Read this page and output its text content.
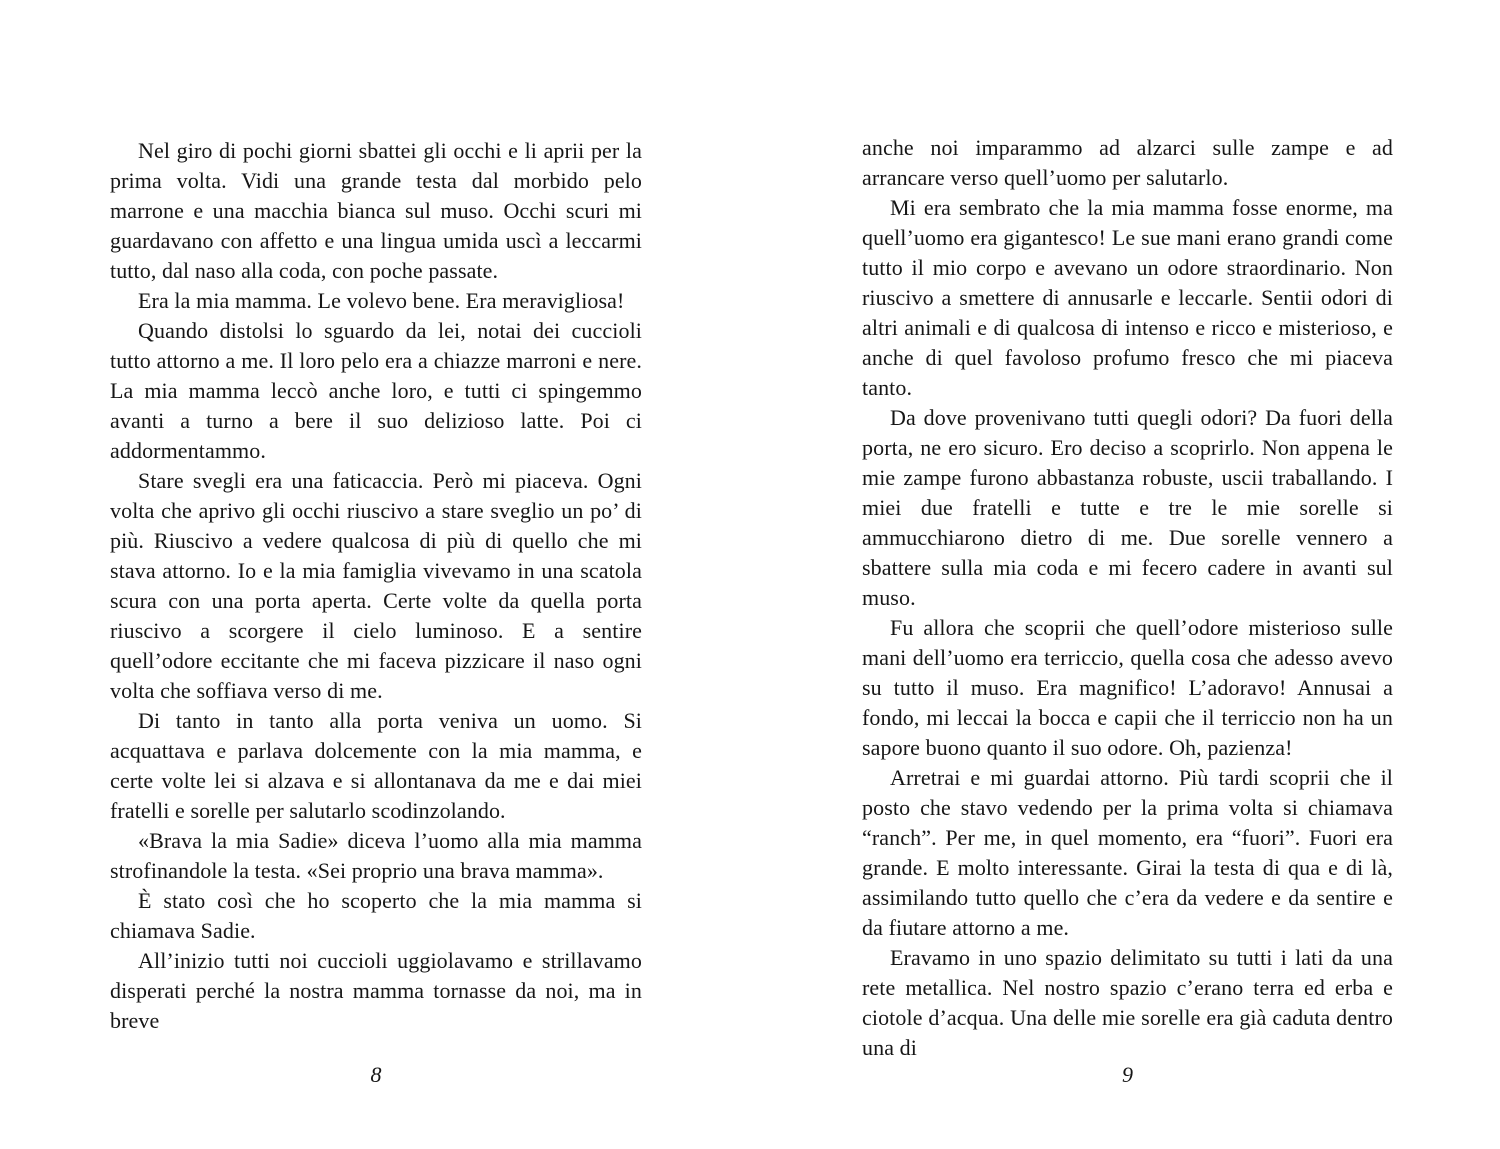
Nel giro di pochi giorni sbattei gli occhi e li aprii per la prima volta. Vidi una grande testa dal morbido pelo marrone e una macchia bianca sul muso. Occhi scuri mi guardavano con affetto e una lingua umida uscì a leccarmi tutto, dal naso alla coda, con poche passate.

Era la mia mamma. Le volevo bene. Era meravigliosa!

Quando distolsi lo sguardo da lei, notai dei cuccioli tutto attorno a me. Il loro pelo era a chiazze marroni e nere. La mia mamma leccò anche loro, e tutti ci spingemmo avanti a turno a bere il suo delizioso latte. Poi ci addormentammo.

Stare svegli era una faticaccia. Però mi piaceva. Ogni volta che aprivo gli occhi riuscivo a stare sveglio un po’ di più. Riuscivo a vedere qualcosa di più di quello che mi stava attorno. Io e la mia famiglia vivevamo in una scatola scura con una porta aperta. Certe volte da quella porta riuscivo a scorgere il cielo luminoso. E a sentire quell’odore eccitante che mi faceva pizzicare il naso ogni volta che soffiava verso di me.

Di tanto in tanto alla porta veniva un uomo. Si acquattava e parlava dolcemente con la mia mamma, e certe volte lei si alzava e si allontanava da me e dai miei fratelli e sorelle per salutarlo scodinzolando.

«Brava la mia Sadie» diceva l’uomo alla mia mamma strofinandole la testa. «Sei proprio una brava mamma».

È stato così che ho scoperto che la mia mamma si chiamava Sadie.

All’inizio tutti noi cuccioli uggiolavamo e strillavamo disperati perché la nostra mamma tornasse da noi, ma in breve

anche noi imparammo ad alzarci sulle zampe e ad arrancare verso quell’uomo per salutarlo.

Mi era sembrato che la mia mamma fosse enorme, ma quell’uomo era gigantesco! Le sue mani erano grandi come tutto il mio corpo e avevano un odore straordinario. Non riuscivo a smettere di annusarle e leccarle. Sentii odori di altri animali e di qualcosa di intenso e ricco e misterioso, e anche di quel favoloso profumo fresco che mi piaceva tanto.

Da dove provenivano tutti quegli odori? Da fuori della porta, ne ero sicuro. Ero deciso a scoprirlo. Non appena le mie zampe furono abbastanza robuste, uscii traballando. I miei due fratelli e tutte e tre le mie sorelle si ammucchiarono dietro di me. Due sorelle vennero a sbattere sulla mia coda e mi fecero cadere in avanti sul muso.

Fu allora che scoprii che quell’odore misterioso sulle mani dell’uomo era terriccio, quella cosa che adesso avevo su tutto il muso. Era magnifico! L’adoravo! Annusai a fondo, mi leccai la bocca e capii che il terriccio non ha un sapore buono quanto il suo odore. Oh, pazienza!

Arretrai e mi guardai attorno. Più tardi scoprii che il posto che stavo vedendo per la prima volta si chiamava “ranch”. Per me, in quel momento, era “fuori”. Fuori era grande. E molto interessante. Girai la testa di qua e di là, assimilando tutto quello che c’era da vedere e da sentire e da fiutare attorno a me.

Eravamo in uno spazio delimitato su tutti i lati da una rete metallica. Nel nostro spazio c’erano terra ed erba e ciotole d’acqua. Una delle mie sorelle era già caduta dentro una di

8	9
